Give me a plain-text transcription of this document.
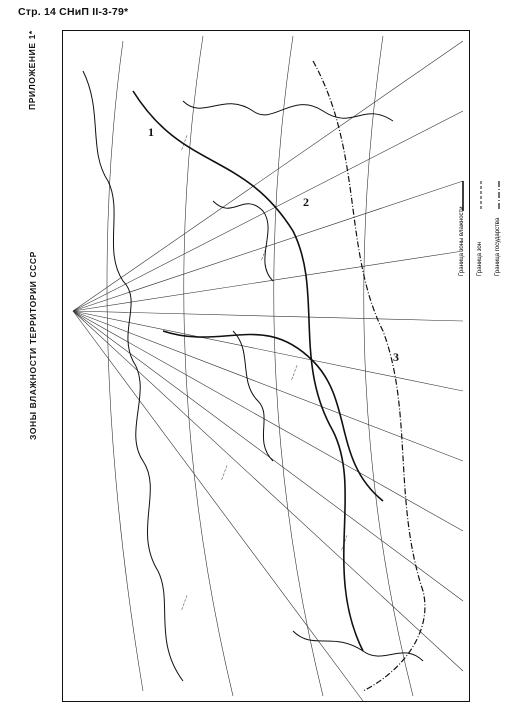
Стр. 14 СНиП II-3-79*
ПРИЛОЖЕНИЕ 1*
ЗОНЫ ВЛАЖНОСТИ ТЕРРИТОРИИ СССР
∼∼∼∼
∼∼∼∼
∼∼∼∼
∼∼∼∼
∼∼∼∼
∼∼∼∼
1
2
3
Граница зоны влажности Граница зон Граница государства
